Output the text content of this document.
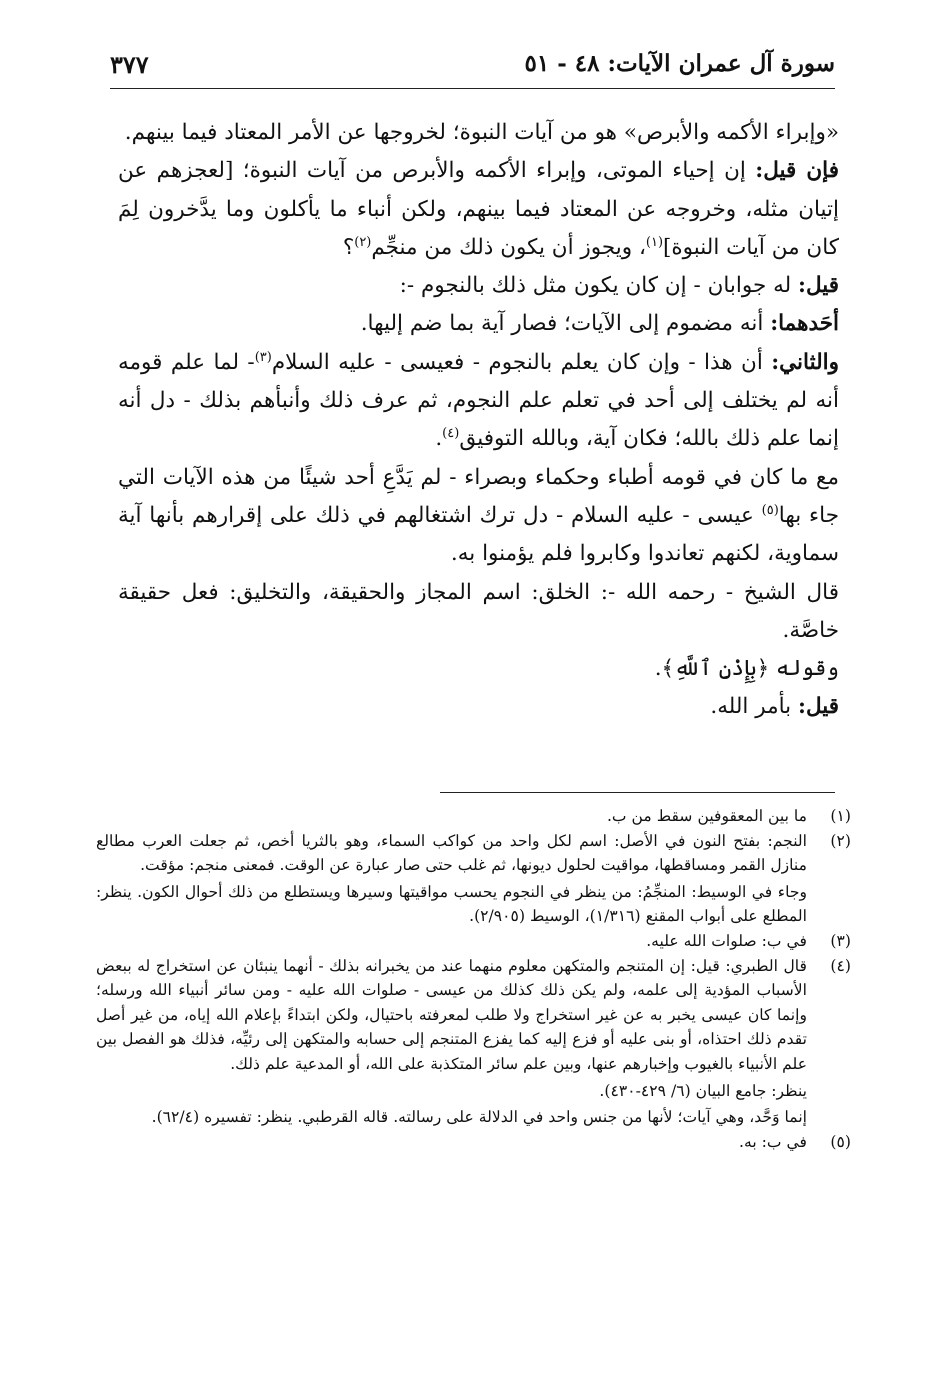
سورة آل عمران الآيات: ٤٨ - ٥١
٣٧٧

«وإبراء الأكمه والأبرص» هو من آيات النبوة؛ لخروجها عن الأمر المعتاد فيما بينهم.

فإن قيل: إن إحياء الموتى، وإبراء الأكمه والأبرص من آيات النبوة؛ [لعجزهم عن إتيان مثله، وخروجه عن المعتاد فيما بينهم، ولكن أنباء ما يأكلون وما يدَّخرون لِمَ كان من آيات النبوة]$^{(١)}$، ويجوز أن يكون ذلك من منجِّم$^{(٢)}$؟

قيل: له جوابان - إن كان يكون مثل ذلك بالنجوم -:

أحَدهما: أنه مضموم إلى الآيات؛ فصار آية بما ضم إليها.

والثاني: أن هذا - وإن كان يعلم بالنجوم - فعيسى - عليه السلام$^{(٣)}$- لما علم قومه أنه لم يختلف إلى أحد في تعلم علم النجوم، ثم عرف ذلك وأنبأهم بذلك - دل أنه إنما علم ذلك بالله؛ فكان آية، وبالله التوفيق$^{(٤)}$.

مع ما كان في قومه أطباء وحكماء وبصراء - لم يَدَّعِ أحد شيئًا من هذه الآيات التي جاء بها$^{(٥)}$ عيسى - عليه السلام - دل ترك اشتغالهم في ذلك على إقرارهم بأنها آية سماوية، لكنهم تعاندوا وكابروا فلم يؤمنوا به.

قال الشيخ - رحمه الله -: الخلق: اسم المجاز والحقيقة، والتخليق: فعل حقيقة خاصَّة.

وقوله ﴿بِإِذْنِ ٱللَّهِ﴾.

قيل: بأمر الله.

(١)

ما بين المعقوفين سقط من ب.

(٢)

النجم: بفتح النون في الأصل: اسم لكل واحد من كواكب السماء، وهو بالثريا أخص، ثم جعلت العرب مطالع منازل القمر ومساقطها، مواقيت لحلول ديونها، ثم غلب حتى صار عبارة عن الوقت. فمعنى منجم: مؤقت.

وجاء في الوسيط: المنجِّمُ: من ينظر في النجوم يحسب مواقيتها وسيرها ويستطلع من ذلك أحوال الكون. ينظر: المطلع على أبواب المقنع (١/٣١٦)، الوسيط (٢/٩٠٥).

(٣)

في ب: صلوات الله عليه.

(٤)

قال الطبري: قيل: إن المتنجم والمتكهن معلوم منهما عند من يخبرانه بذلك - أنهما ينبئان عن استخراج له ببعض الأسباب المؤدية إلى علمه، ولم يكن ذلك كذلك من عيسى - صلوات الله عليه - ومن سائر أنبياء الله ورسله؛ وإنما كان عيسى يخبر به عن غير استخراج ولا طلب لمعرفته باحتيال، ولكن ابتداءً بإعلام الله إياه، من غير أصل تقدم ذلك احتذاه، أو بنى عليه أو فزع إليه كما يفزع المتنجم إلى حسابه والمتكهن إلى رئيِّه، فذلك هو الفصل بين علم الأنبياء بالغيوب وإخبارهم عنها، وبين علم سائر المتكذبة على الله، أو المدعية علم ذلك.

ينظر: جامع البيان (٦/ ٤٢٩-٤٣٠).

إنما وَحَّد، وهي آيات؛ لأنها من جنس واحد في الدلالة على رسالته. قاله القرطبي. ينظر: تفسيره (٦٢/٤).

(٥)

في ب: به.
